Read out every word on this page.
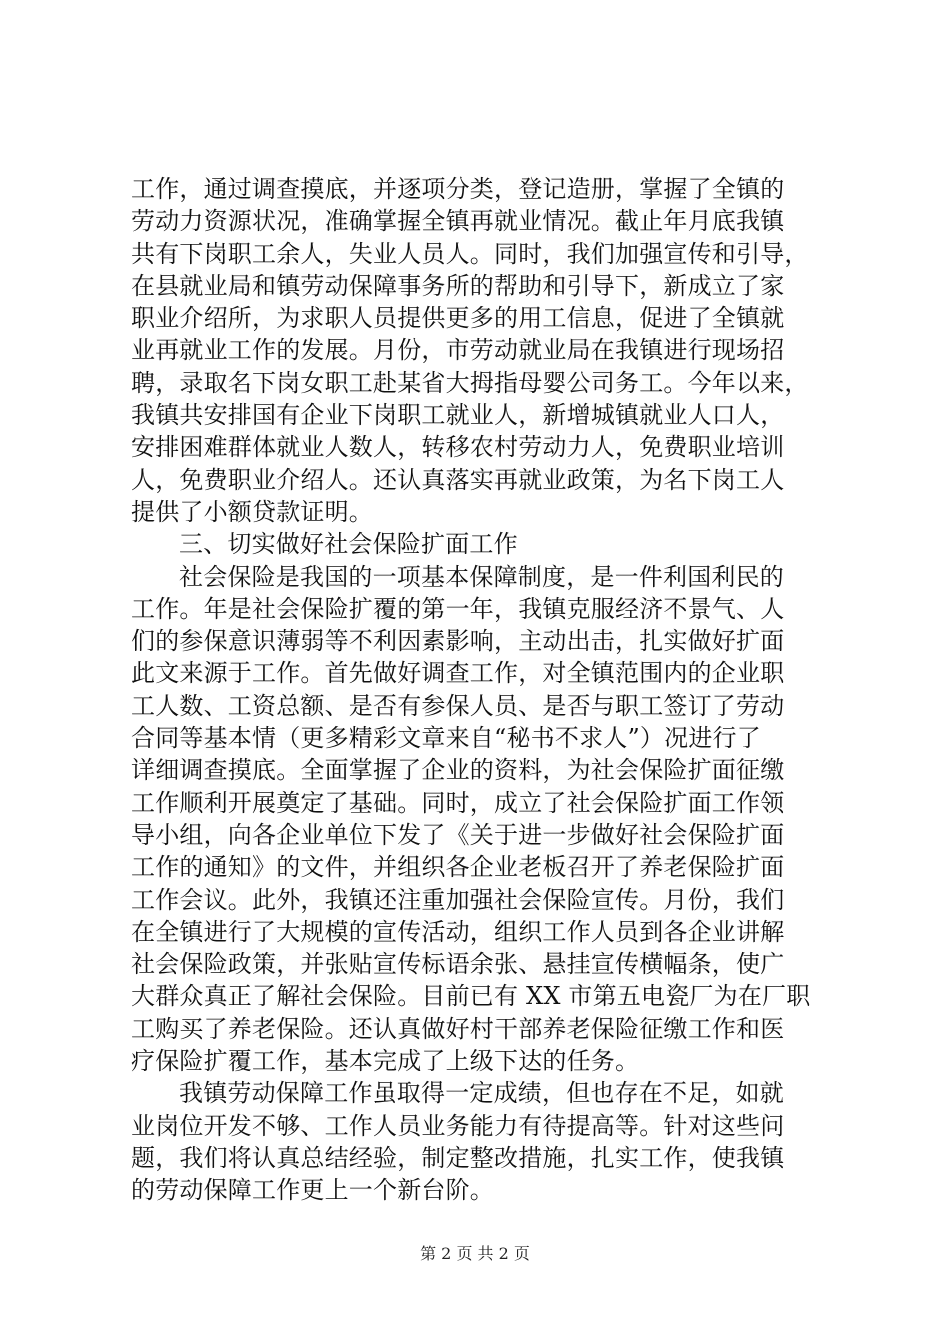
工作，通过调查摸底，并逐项分类，登记造册，掌握了全镇的
劳动力资源状况，准确掌握全镇再就业情况。截止年月底我镇
共有下岗职工余人，失业人员人。同时，我们加强宣传和引导，
在县就业局和镇劳动保障事务所的帮助和引导下，新成立了家
职业介绍所，为求职人员提供更多的用工信息，促进了全镇就
业再就业工作的发展。月份，市劳动就业局在我镇进行现场招
聘，录取名下岗女职工赴某省大拇指母婴公司务工。今年以来，
我镇共安排国有企业下岗职工就业人，新增城镇就业人口人，
安排困难群体就业人数人，转移农村劳动力人，免费职业培训
人，免费职业介绍人。还认真落实再就业政策，为名下岗工人
提供了小额贷款证明。
三、切实做好社会保险扩面工作
社会保险是我国的一项基本保障制度，是一件利国利民的
工作。年是社会保险扩覆的第一年，我镇克服经济不景气、人
们的参保意识薄弱等不利因素影响，主动出击，扎实做好扩面
此文来源于工作。首先做好调查工作，对全镇范围内的企业职
工人数、工资总额、是否有参保人员、是否与职工签订了劳动
合同等基本情（更多精彩文章来自“秘书不求人”）况进行了
详细调查摸底。全面掌握了企业的资料，为社会保险扩面征缴
工作顺利开展奠定了基础。同时，成立了社会保险扩面工作领
导小组，向各企业单位下发了《关于进一步做好社会保险扩面
工作的通知》的文件，并组织各企业老板召开了养老保险扩面
工作会议。此外，我镇还注重加强社会保险宣传。月份，我们
在全镇进行了大规模的宣传活动，组织工作人员到各企业讲解
社会保险政策，并张贴宣传标语余张、悬挂宣传横幅条，使广
大群众真正了解社会保险。目前已有 XX 市第五电瓷厂为在厂职
工购买了养老保险。还认真做好村干部养老保险征缴工作和医
疗保险扩覆工作，基本完成了上级下达的任务。
我镇劳动保障工作虽取得一定成绩，但也存在不足，如就
业岗位开发不够、工作人员业务能力有待提高等。针对这些问
题，我们将认真总结经验，制定整改措施，扎实工作，使我镇
的劳动保障工作更上一个新台阶。
第 2 页 共 2 页
